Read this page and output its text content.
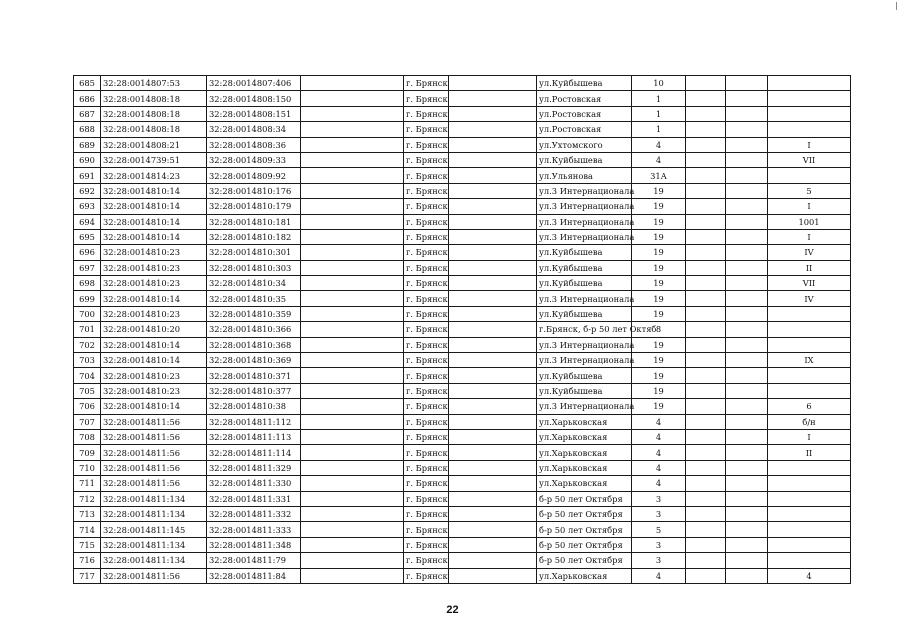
685	32:28:0014807:53	32:28:0014807:406		г. Брянск		ул.Куйбышева	10			
686	32:28:0014808:18	32:28:0014808:150		г. Брянск		ул.Ростовская	1			
687	32:28:0014808:18	32:28:0014808:151		г. Брянск		ул.Ростовская	1			
688	32:28:0014808:18	32:28:0014808:34		г. Брянск		ул.Ростовская	1			
689	32:28:0014808:21	32:28:0014808:36		г. Брянск		ул.Ухтомского	4			I
690	32:28:0014739:51	32:28:0014809:33		г. Брянск		ул.Куйбышева	4			VII
691	32:28:0014814:23	32:28:0014809:92		г. Брянск		ул.Ульянова	31А			
692	32:28:0014810:14	32:28:0014810:176		г. Брянск		ул.3 Интернационала	19			5
693	32:28:0014810:14	32:28:0014810:179		г. Брянск		ул.3 Интернационала	19			I
694	32:28:0014810:14	32:28:0014810:181		г. Брянск		ул.3 Интернационала	19			1001
695	32:28:0014810:14	32:28:0014810:182		г. Брянск		ул.3 Интернационала	19			I
696	32:28:0014810:23	32:28:0014810:301		г. Брянск		ул.Куйбышева	19			IV
697	32:28:0014810:23	32:28:0014810:303		г. Брянск		ул.Куйбышева	19			II
698	32:28:0014810:23	32:28:0014810:34		г. Брянск		ул.Куйбышева	19			VII
699	32:28:0014810:14	32:28:0014810:35		г. Брянск		ул.3 Интернационала	19			IV
700	32:28:0014810:23	32:28:0014810:359		г. Брянск		ул.Куйбышева	19			
701	32:28:0014810:20	32:28:0014810:366		г. Брянск		г.Брянск, б-р 50 лет Октяб	8			
702	32:28:0014810:14	32:28:0014810:368		г. Брянск		ул.3 Интернационала	19			
703	32:28:0014810:14	32:28:0014810:369		г. Брянск		ул.3 Интернационала	19			IX
704	32:28:0014810:23	32:28:0014810:371		г. Брянск		ул.Куйбышева	19			
705	32:28:0014810:23	32:28:0014810:377		г. Брянск		ул.Куйбышева	19			
706	32:28:0014810:14	32:28:0014810:38		г. Брянск		ул.3 Интернационала	19			6
707	32:28:0014811:56	32:28:0014811:112		г. Брянск		ул.Харьковская	4			б/н
708	32:28:0014811:56	32:28:0014811:113		г. Брянск		ул.Харьковская	4			I
709	32:28:0014811:56	32:28:0014811:114		г. Брянск		ул.Харьковская	4			II
710	32:28:0014811:56	32:28:0014811:329		г. Брянск		ул.Харьковская	4			
711	32:28:0014811:56	32:28:0014811:330		г. Брянск		ул.Харьковская	4			
712	32:28:0014811:134	32:28:0014811:331		г. Брянск		б-р 50 лет Октября	3			
713	32:28:0014811:134	32:28:0014811:332		г. Брянск		б-р 50 лет Октября	3			
714	32:28:0014811:145	32:28:0014811:333		г. Брянск		б-р 50 лет Октября	5			
715	32:28:0014811:134	32:28:0014811:348		г. Брянск		б-р 50 лет Октября	3			
716	32:28:0014811:134	32:28:0014811:79		г. Брянск		б-р 50 лет Октября	3			
717	32:28:0014811:56	32:28:0014811:84		г. Брянск		ул.Харьковская	4			4
22
